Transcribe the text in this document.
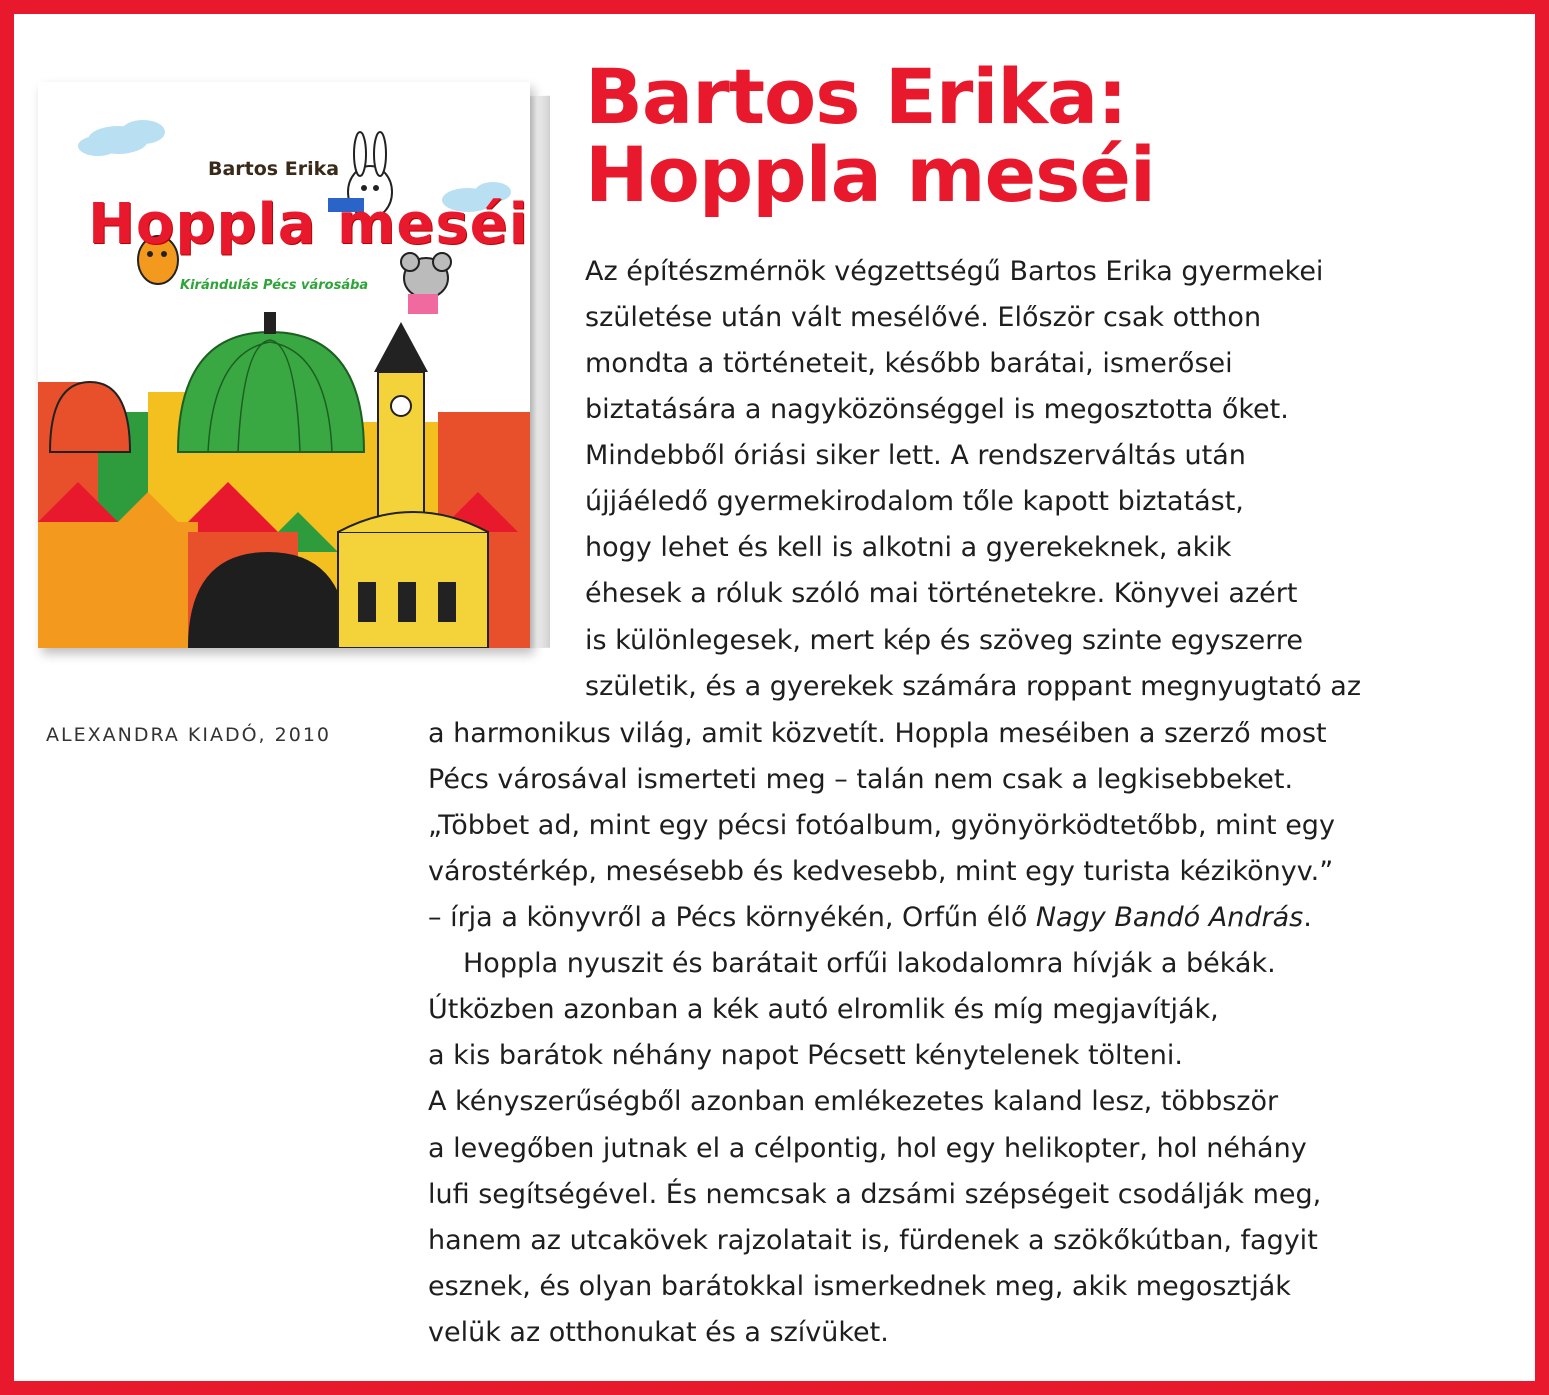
Bartos Erika
Hoppla meséi
Kirándulás Pécs városába
ALEXANDRA KIADÓ, 2010
Bartos Erika:
Hoppla meséi
Az építészmérnök végzettségű Bartos Erika gyermekei
születése után vált mesélővé. Először csak otthon
mondta a történeteit, később barátai, ismerősei
biztatására a nagyközönséggel is megosztotta őket.
Mindebből óriási siker lett. A rendszerváltás után
újjáéledő gyermekirodalom tőle kapott biztatást,
hogy lehet és kell is alkotni a gyerekeknek, akik
éhesek a róluk szóló mai történetekre. Könyvei azért
is különlegesek, mert kép és szöveg szinte egyszerre
születik, és a gyerekek számára roppant megnyugtató az
a harmonikus világ, amit közvetít. Hoppla meséiben a szerző most
Pécs városával ismerteti meg – talán nem csak a legkisebbeket.
„Többet ad, mint egy pécsi fotóalbum, gyönyörködtetőbb, mint egy
várostérkép, mesésebb és kedvesebb, mint egy turista kézikönyv.”
– írja a könyvről a Pécs környékén, Orfűn élő Nagy Bandó András.
Hoppla nyuszit és barátait orfűi lakodalomra hívják a békák.
Útközben azonban a kék autó elromlik és míg megjavítják,
a kis barátok néhány napot Pécsett kénytelenek tölteni.
A kényszerűségből azonban emlékezetes kaland lesz, többször
a levegőben jutnak el a célpontig, hol egy helikopter, hol néhány
lufi segítségével. És nemcsak a dzsámi szépségeit csodálják meg,
hanem az utcakövek rajzolatait is, fürdenek a szökőkútban, fagyit
esznek, és olyan barátokkal ismerkednek meg, akik megosztják
velük az otthonukat és a szívüket.
